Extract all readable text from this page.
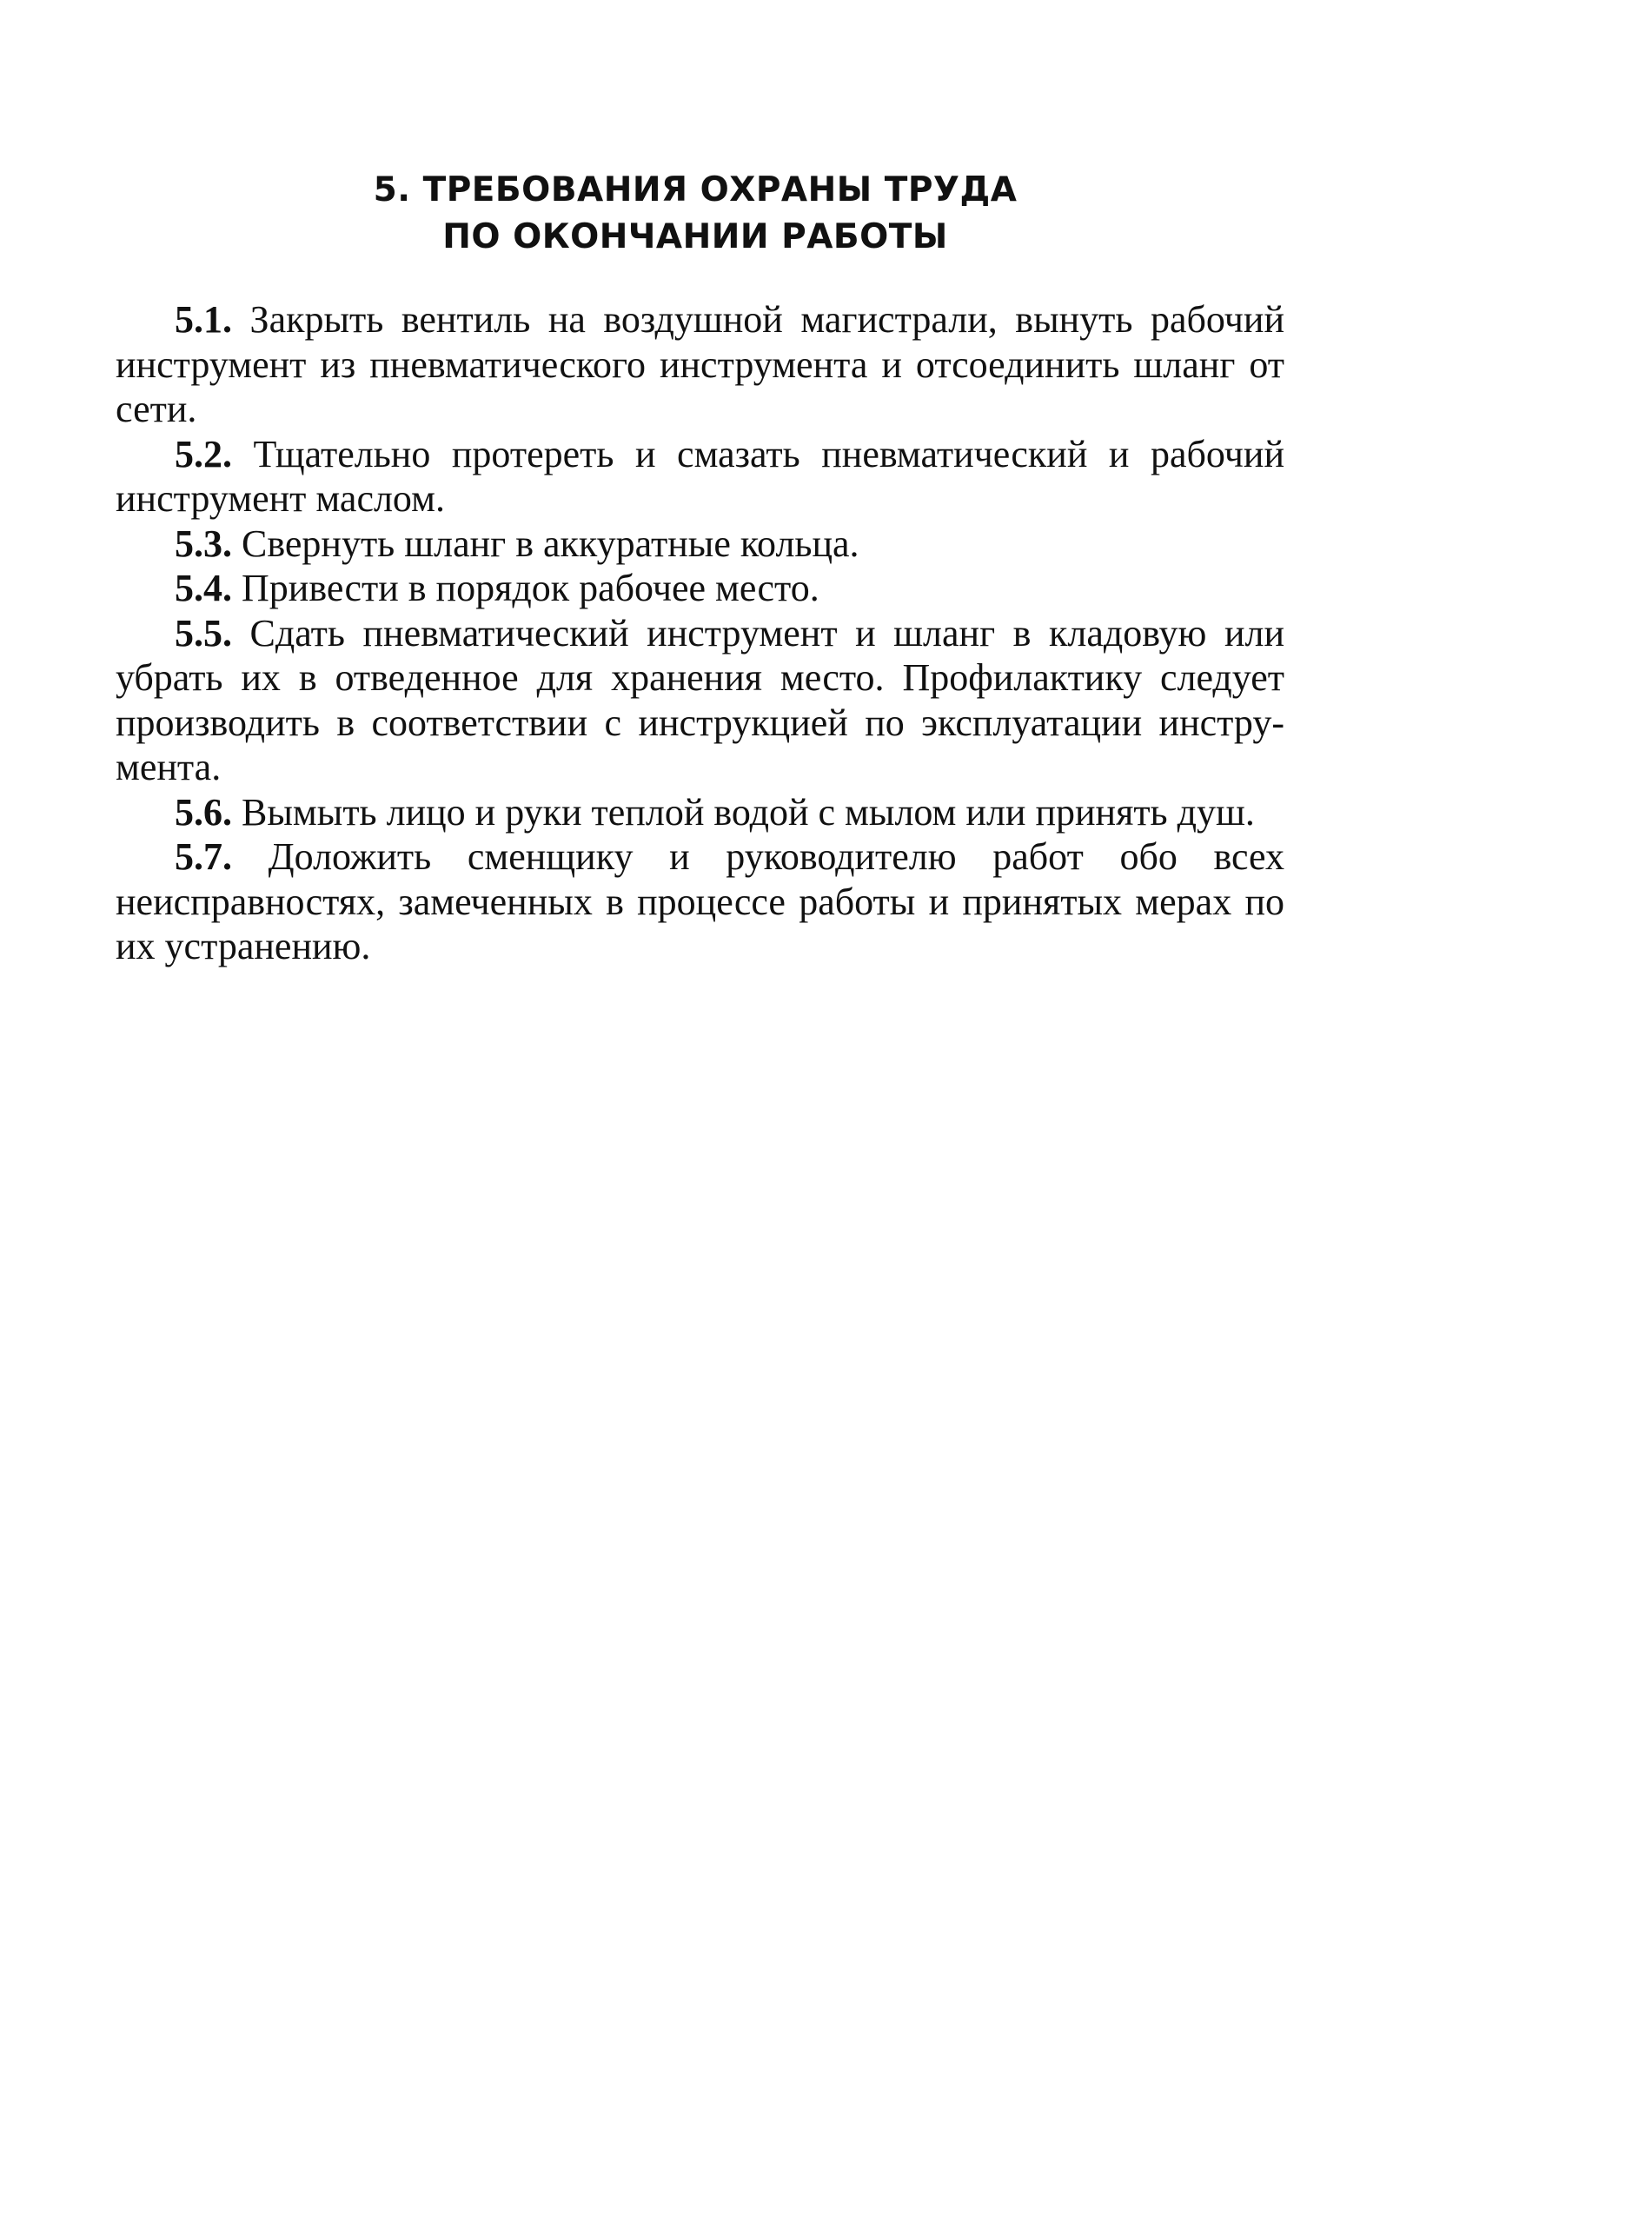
5. ТРЕБОВАНИЯ ОХРАНЫ ТРУДА
ПО ОКОНЧАНИИ РАБОТЫ

5.1. Закрыть вентиль на воздушной магистрали, вынуть рабочий инструмент из пневматического инструмента и отсоединить шланг от сети.

5.2. Тщательно протереть и смазать пневматический и рабочий инструмент маслом.

5.3. Свернуть шланг в аккуратные кольца.

5.4. Привести в порядок рабочее место.

5.5. Сдать пневматический инструмент и шланг в кладовую или убрать их в отведенное для хранения место. Профилактику следует производить в соответствии с инструкцией по эксплуатации инструмента.

5.6. Вымыть лицо и руки теплой водой с мылом или принять душ.

5.7. Доложить сменщику и руководителю работ обо всех неисправностях, замеченных в процессе работы и принятых мерах по их устранению.
